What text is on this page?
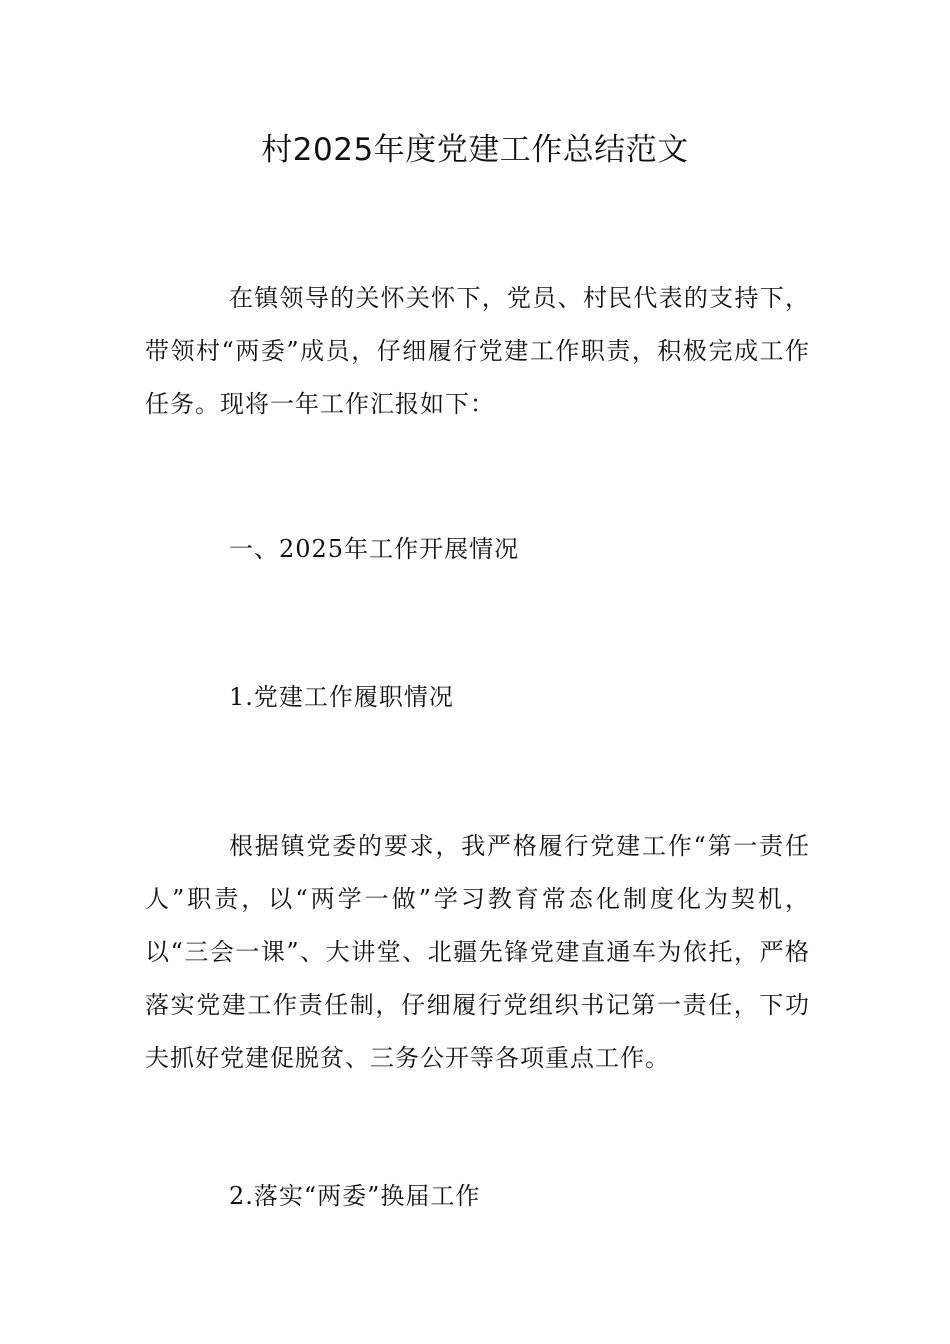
村2025年度党建工作总结范文

在镇领导的关怀关怀下，党员、村民代表的支持下，带领村“两委”成员，仔细履行党建工作职责，积极完成工作任务。现将一年工作汇报如下：

一、2025年工作开展情况

1.党建工作履职情况

根据镇党委的要求，我严格履行党建工作“第一责任人”职责，以“两学一做”学习教育常态化制度化为契机，以“三会一课”、大讲堂、北疆先锋党建直通车为依托，严格落实党建工作责任制，仔细履行党组织书记第一责任，下功夫抓好党建促脱贫、三务公开等各项重点工作。

2.落实“两委”换届工作
